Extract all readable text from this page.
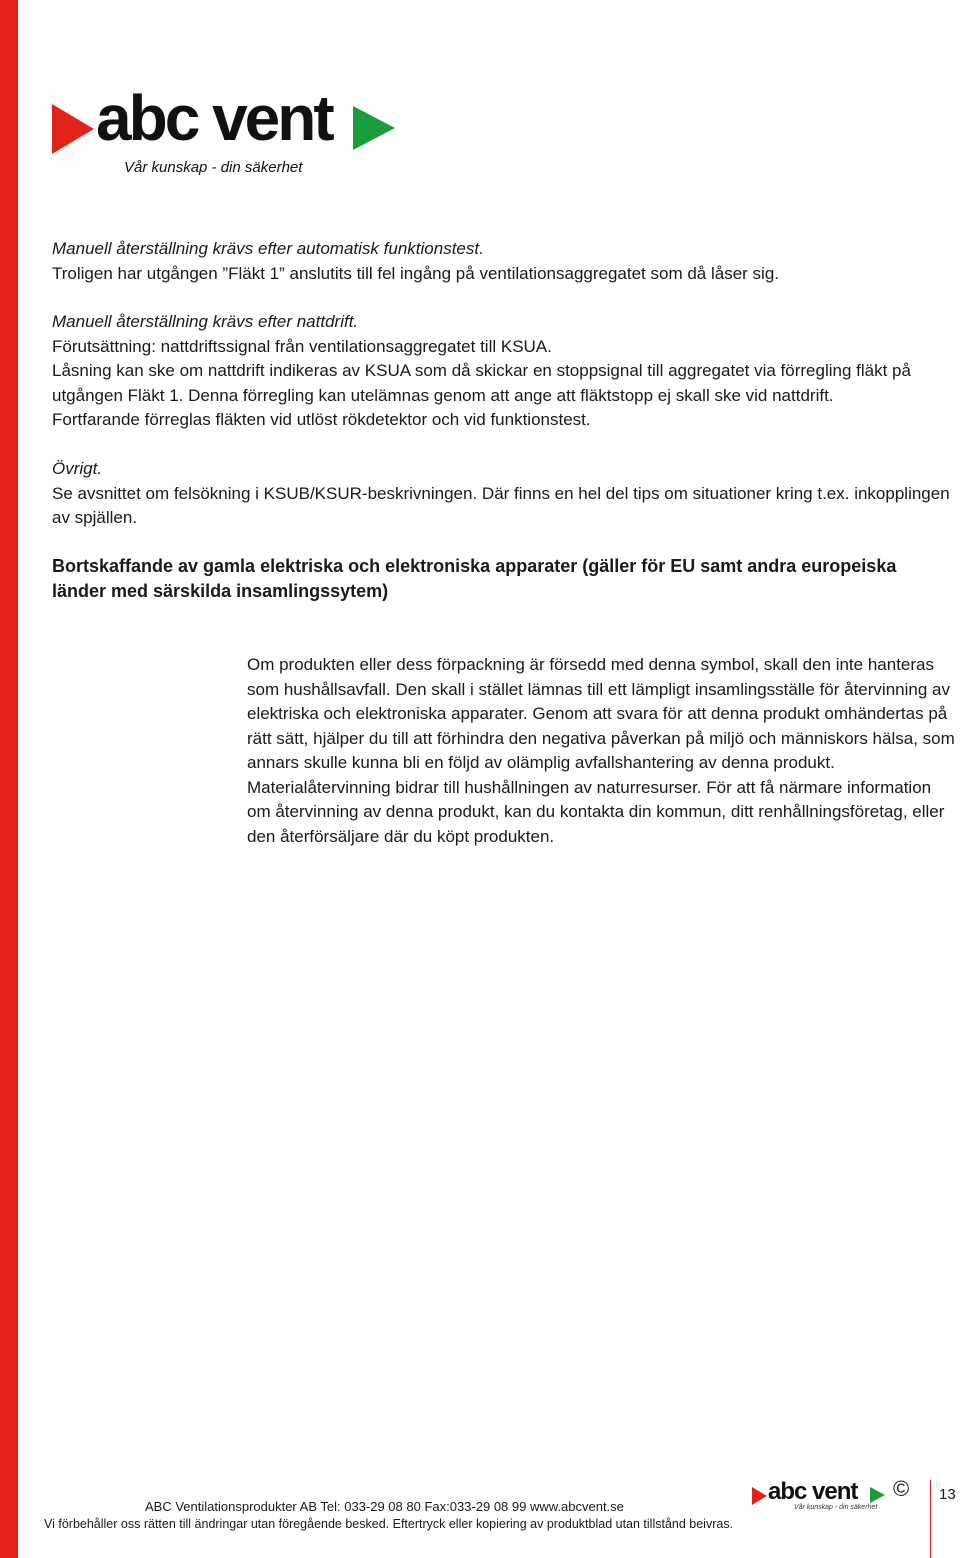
abc vent
Vår kunskap - din säkerhet

Manuell återställning krävs efter automatisk funktionstest.

Troligen har utgången ”Fläkt 1” anslutits till fel ingång på ventilationsaggregatet som då låser sig.

Manuell återställning krävs efter nattdrift.

Förutsättning: nattdriftssignal från ventilationsaggregatet till KSUA.

Låsning kan ske om nattdrift indikeras av KSUA som då skickar en stoppsignal till aggregatet via förregling fläkt på utgången Fläkt 1. Denna förregling kan utelämnas genom att ange att fläktstopp ej skall ske vid nattdrift.

Fortfarande förreglas fläkten vid utlöst rökdetektor och vid funktionstest.

Övrigt.

Se avsnittet om felsökning i KSUB/KSUR-beskrivningen. Där finns en hel del tips om situationer kring t.ex. inkopplingen av spjällen.

Bortskaffande av gamla elektriska och elektroniska apparater (gäller för EU samt andra europeiska länder med särskilda insamlingssytem)

Om produkten eller dess förpackning är försedd med denna symbol, skall den inte hanteras som hushållsavfall. Den skall i stället lämnas till ett lämpligt insamlingsställe för återvinning av elektriska och elektroniska apparater. Genom att svara för att denna produkt omhändertas på rätt sätt, hjälper du till att förhindra den negativa påverkan på miljö och människors hälsa, som annars skulle kunna bli en följd av olämplig avfallshantering av denna produkt. Materialåtervinning bidrar till hushållningen av naturresurser. För att få närmare information om återvinning av denna produkt, kan du kontakta din kommun, ditt renhållningsföretag, eller den återförsäljare där du köpt produkten.

abc vent
Vår kunskap - din säkerhet
© 13
ABC Ventilationsprodukter AB Tel: 033-29 08 80 Fax:033-29 08 99 www.abcvent.se
Vi förbehåller oss rätten till ändringar utan föregående besked. Eftertryck eller kopiering av produktblad utan tillstånd beivras.
